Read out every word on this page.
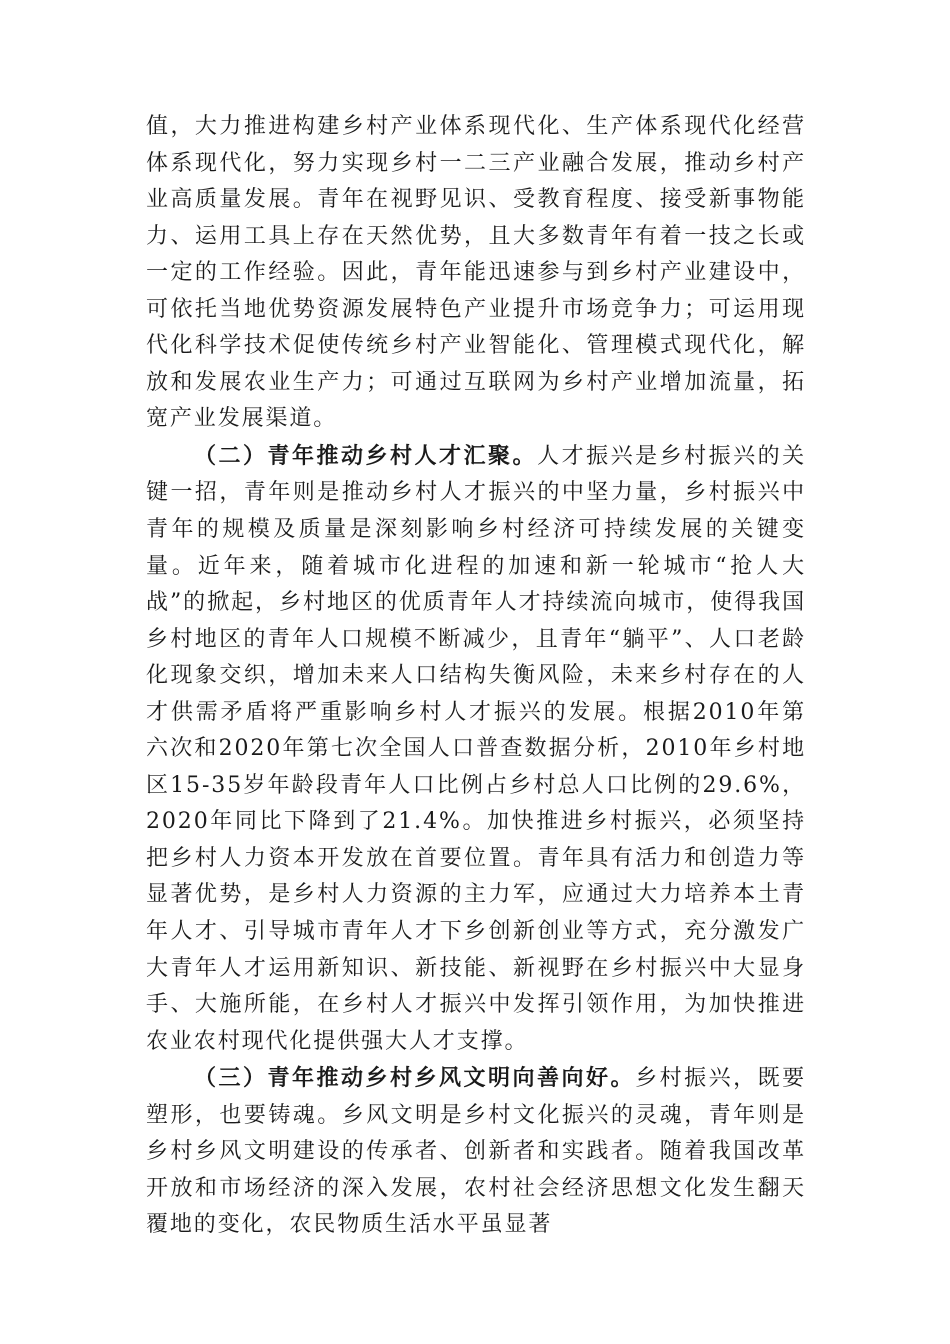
值，大力推进构建乡村产业体系现代化、生产体系现代化经营体系现代化，努力实现乡村一二三产业融合发展，推动乡村产业高质量发展。青年在视野见识、受教育程度、接受新事物能力、运用工具上存在天然优势，且大多数青年有着一技之长或一定的工作经验。因此，青年能迅速参与到乡村产业建设中，可依托当地优势资源发展特色产业提升市场竞争力；可运用现代化科学技术促使传统乡村产业智能化、管理模式现代化，解放和发展农业生产力；可通过互联网为乡村产业增加流量，拓宽产业发展渠道。

（二）青年推动乡村人才汇聚。人才振兴是乡村振兴的关键一招，青年则是推动乡村人才振兴的中坚力量，乡村振兴中青年的规模及质量是深刻影响乡村经济可持续发展的关键变量。近年来，随着城市化进程的加速和新一轮城市“抢人大战”的掀起，乡村地区的优质青年人才持续流向城市，使得我国乡村地区的青年人口规模不断减少，且青年“躺平”、人口老龄化现象交织，增加未来人口结构失衡风险，未来乡村存在的人才供需矛盾将严重影响乡村人才振兴的发展。根据2010年第六次和2020年第七次全国人口普查数据分析，2010年乡村地区15-35岁年龄段青年人口比例占乡村总人口比例的29.6%，2020年同比下降到了21.4%。加快推进乡村振兴，必须坚持把乡村人力资本开发放在首要位置。青年具有活力和创造力等显著优势，是乡村人力资源的主力军，应通过大力培养本土青年人才、引导城市青年人才下乡创新创业等方式，充分激发广大青年人才运用新知识、新技能、新视野在乡村振兴中大显身手、大施所能，在乡村人才振兴中发挥引领作用，为加快推进农业农村现代化提供强大人才支撑。

（三）青年推动乡村乡风文明向善向好。乡村振兴，既要塑形，也要铸魂。乡风文明是乡村文化振兴的灵魂，青年则是乡村乡风文明建设的传承者、创新者和实践者。随着我国改革开放和市场经济的深入发展，农村社会经济思想文化发生翻天覆地的变化，农民物质生活水平虽显著
